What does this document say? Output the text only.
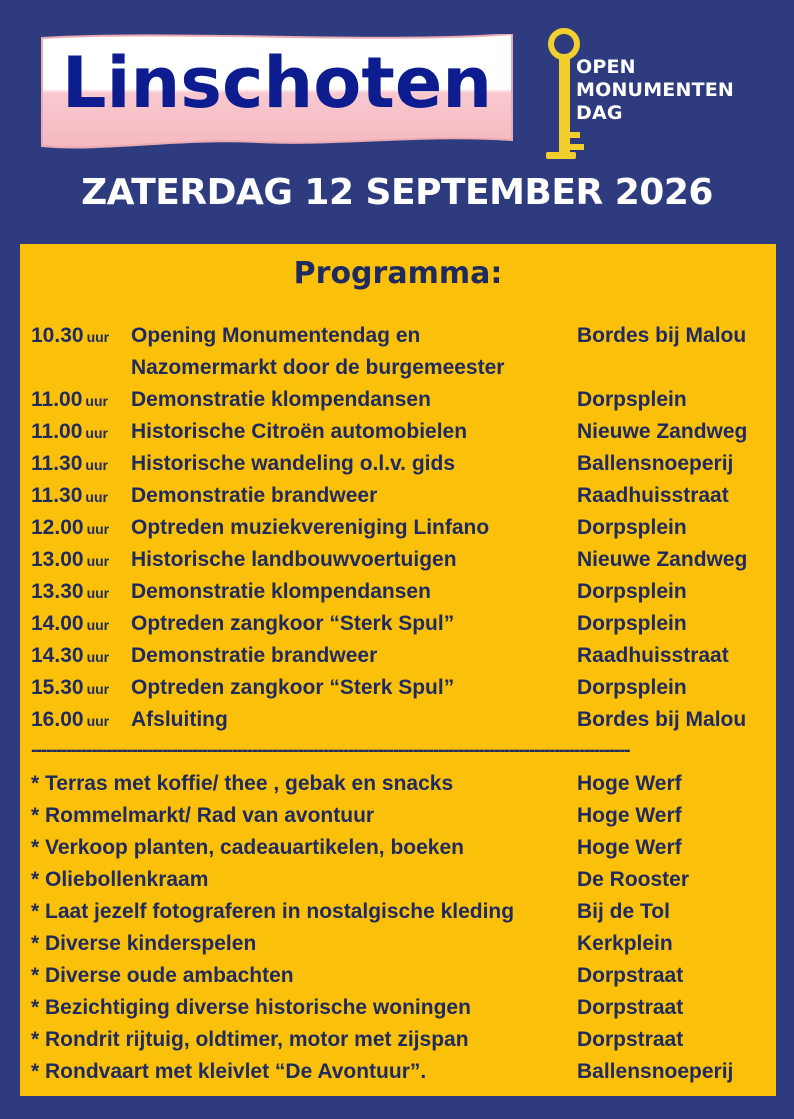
Linschoten
M
OPEN
MONUMENTEN
DAG
ZATERDAG 12 SEPTEMBER 2026
Programma:
10.30 uur Opening Monumentendag en	Bordes bij Malou
Nazomermarkt door de burgemeester
11.00 uur Demonstratie klompendansen	Dorpsplein
11.00 uur Historische Citroën automobielen	Nieuwe Zandweg
11.30 uur Historische wandeling o.l.v. gids	Ballensnoeperij
11.30 uur Demonstratie brandweer	Raadhuisstraat
12.00 uur Optreden muziekvereniging Linfano	Dorpsplein
13.00 uur Historische landbouwvoertuigen	Nieuwe Zandweg
13.30 uur Demonstratie klompendansen	Dorpsplein
14.00 uur Optreden zangkoor “Sterk Spul”	Dorpsplein
14.30 uur Demonstratie brandweer	Raadhuisstraat
15.30 uur Optreden zangkoor “Sterk Spul”	Dorpsplein
16.00 uur Afsluiting	Bordes bij Malou
-----------------------------------------------------------------------------------------------------------------------
* Terras met koffie/ thee , gebak en snacks	Hoge Werf
* Rommelmarkt/ Rad van avontuur	Hoge Werf
* Verkoop planten, cadeauartikelen, boeken	Hoge Werf
* Oliebollenkraam	De Rooster
* Laat jezelf fotograferen in nostalgische kleding	Bij de Tol
* Diverse kinderspelen	Kerkplein
* Diverse oude ambachten	Dorpstraat
* Bezichtiging diverse historische woningen	Dorpstraat
* Rondrit rijtuig, oldtimer, motor met zijspan	Dorpstraat
* Rondvaart met kleivlet “De Avontuur”.	Ballensnoeperij
